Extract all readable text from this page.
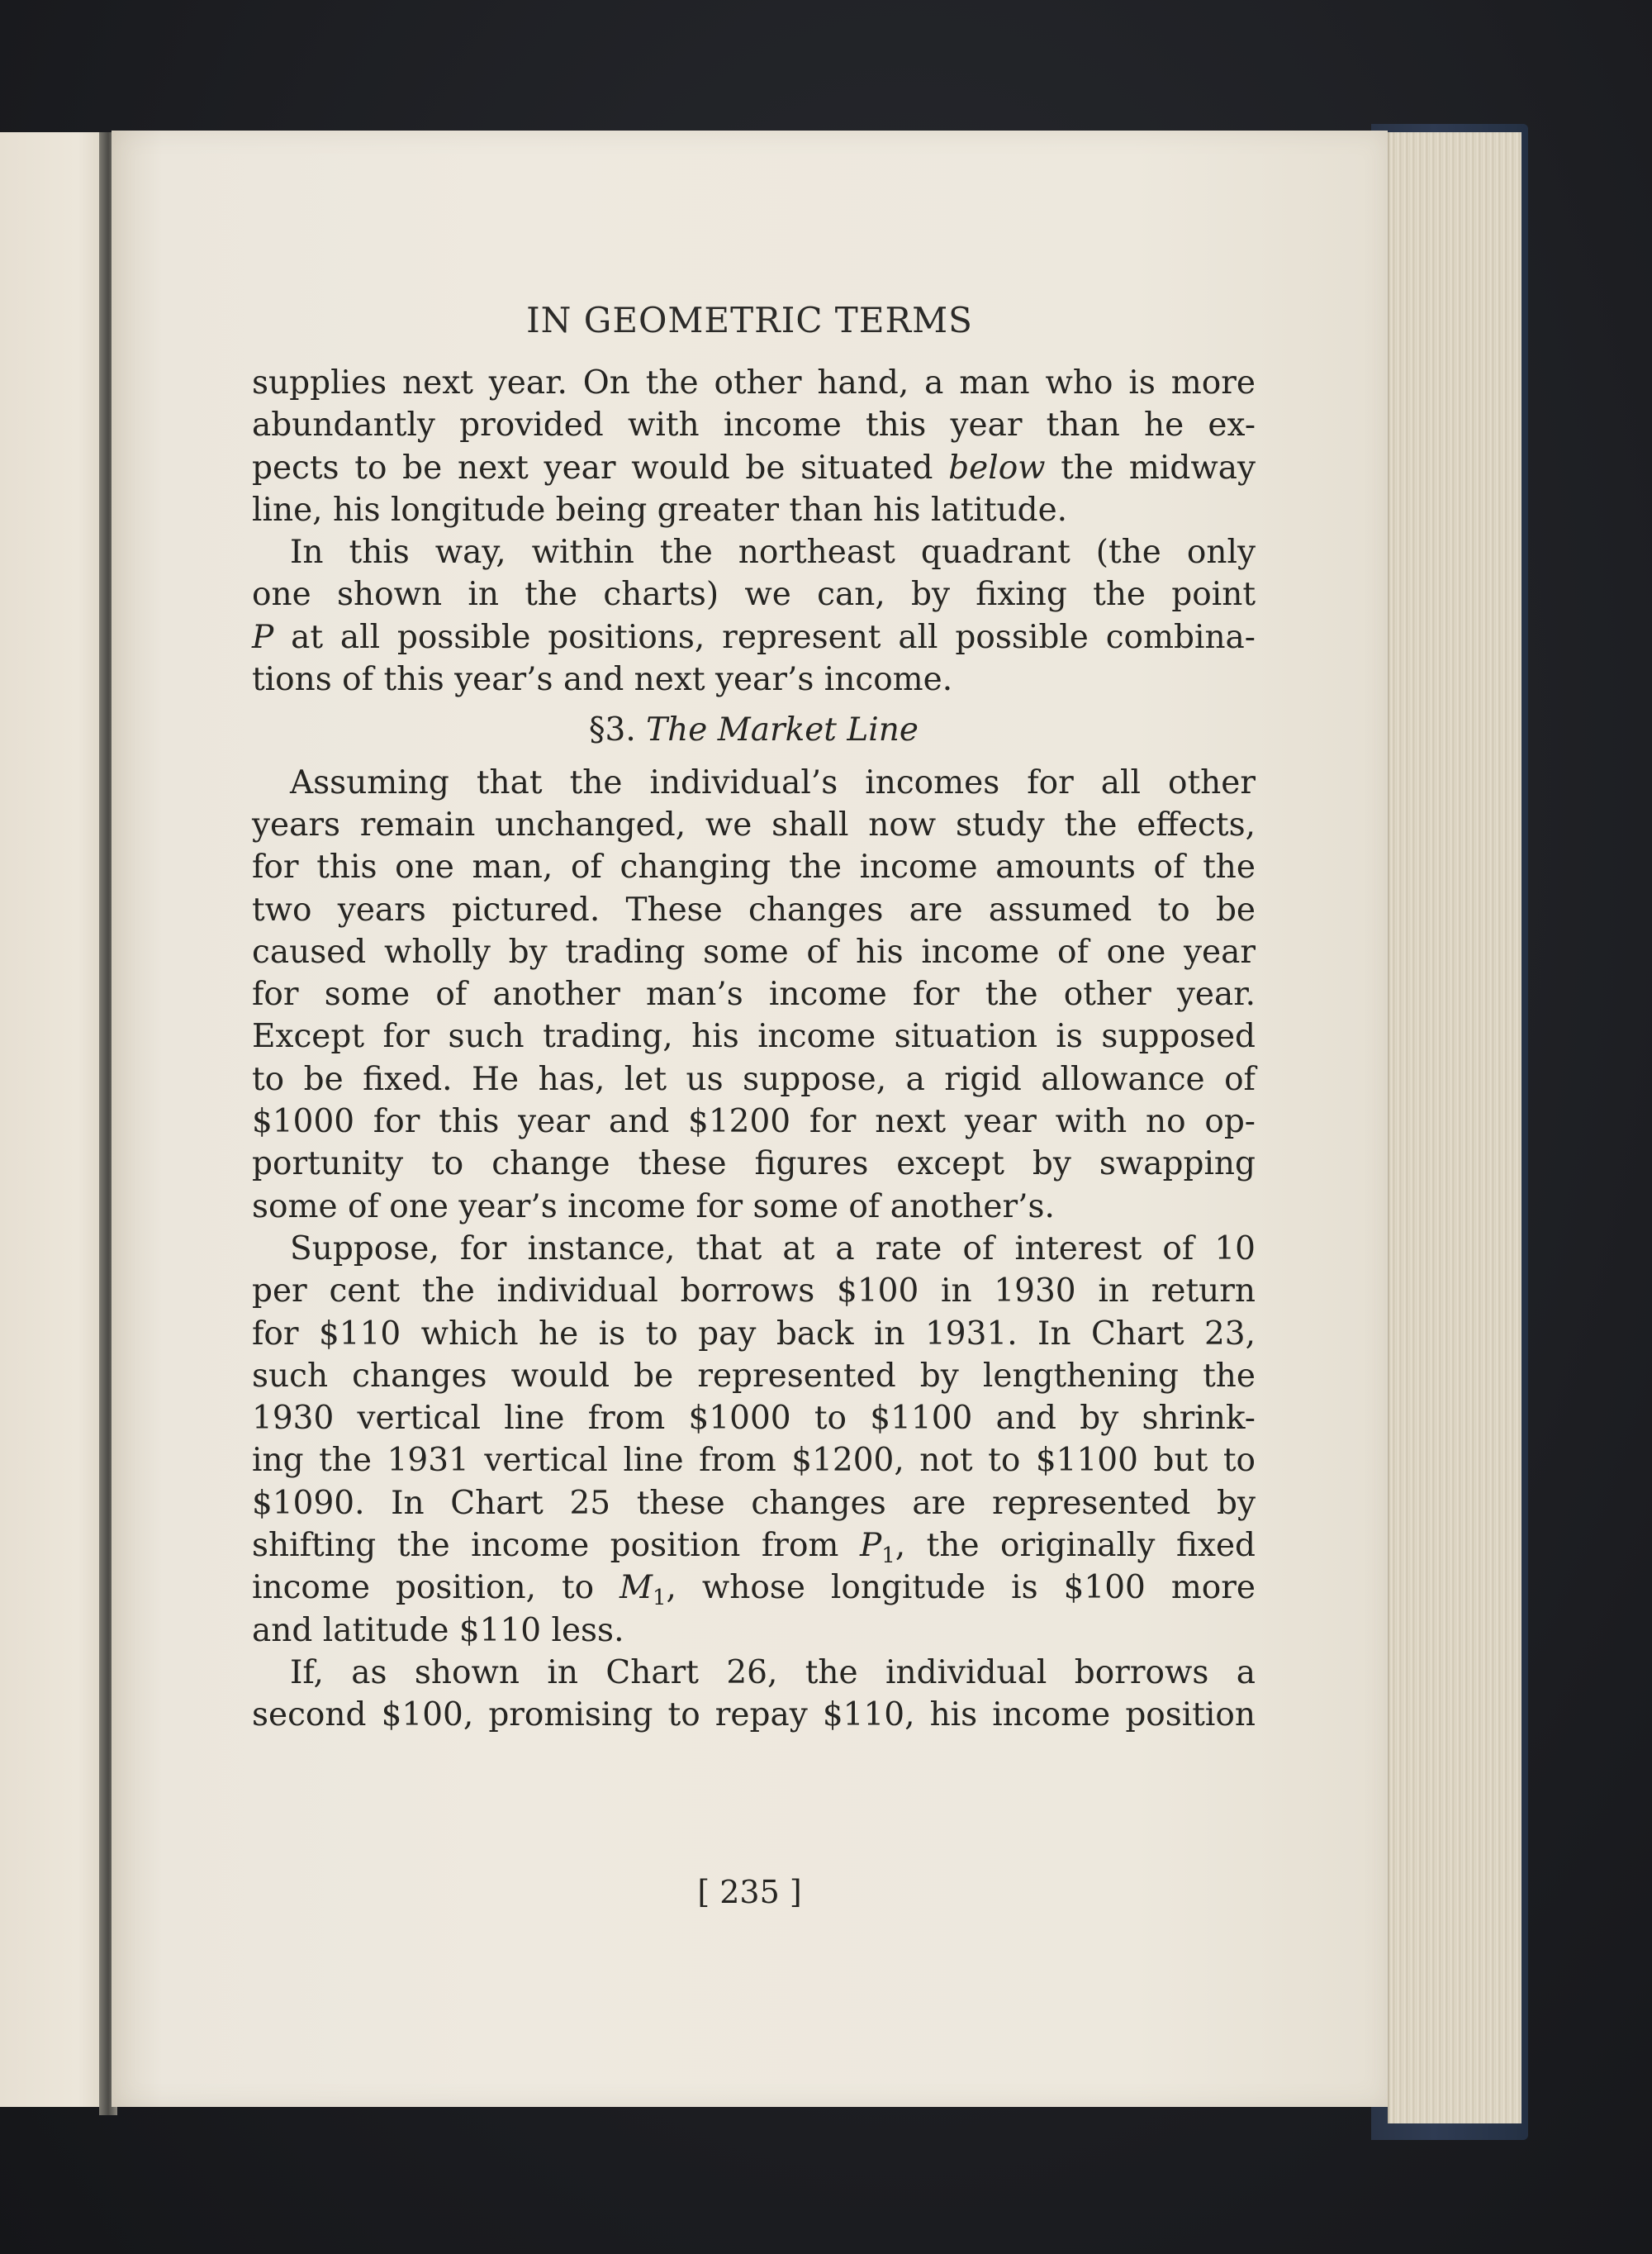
IN GEOMETRIC TERMS
supplies next year. On the other hand, a man who is more
abundantly provided with income this year than he ex-
pects to be next year would be situated below the midway
line, his longitude being greater than his latitude.
In this way, within the northeast quadrant (the only
one shown in the charts) we can, by fixing the point
P at all possible positions, represent all possible combina-
tions of this year’s and next year’s income.
§3. The Market Line
Assuming that the individual’s incomes for all other
years remain unchanged, we shall now study the effects,
for this one man, of changing the income amounts of the
two years pictured. These changes are assumed to be
caused wholly by trading some of his income of one year
for some of another man’s income for the other year.
Except for such trading, his income situation is supposed
to be fixed. He has, let us suppose, a rigid allowance of
$1000 for this year and $1200 for next year with no op-
portunity to change these figures except by swapping
some of one year’s income for some of another’s.
Suppose, for instance, that at a rate of interest of 10
per cent the individual borrows $100 in 1930 in return
for $110 which he is to pay back in 1931. In Chart 23,
such changes would be represented by lengthening the
1930 vertical line from $1000 to $1100 and by shrink-
ing the 1931 vertical line from $1200, not to $1100 but to
$1090. In Chart 25 these changes are represented by
shifting the income position from $P_1$, the originally fixed
income position, to $M_1$, whose longitude is $100 more
and latitude $110 less.
If, as shown in Chart 26, the individual borrows a
second $100, promising to repay $110, his income position
[ 235 ]
